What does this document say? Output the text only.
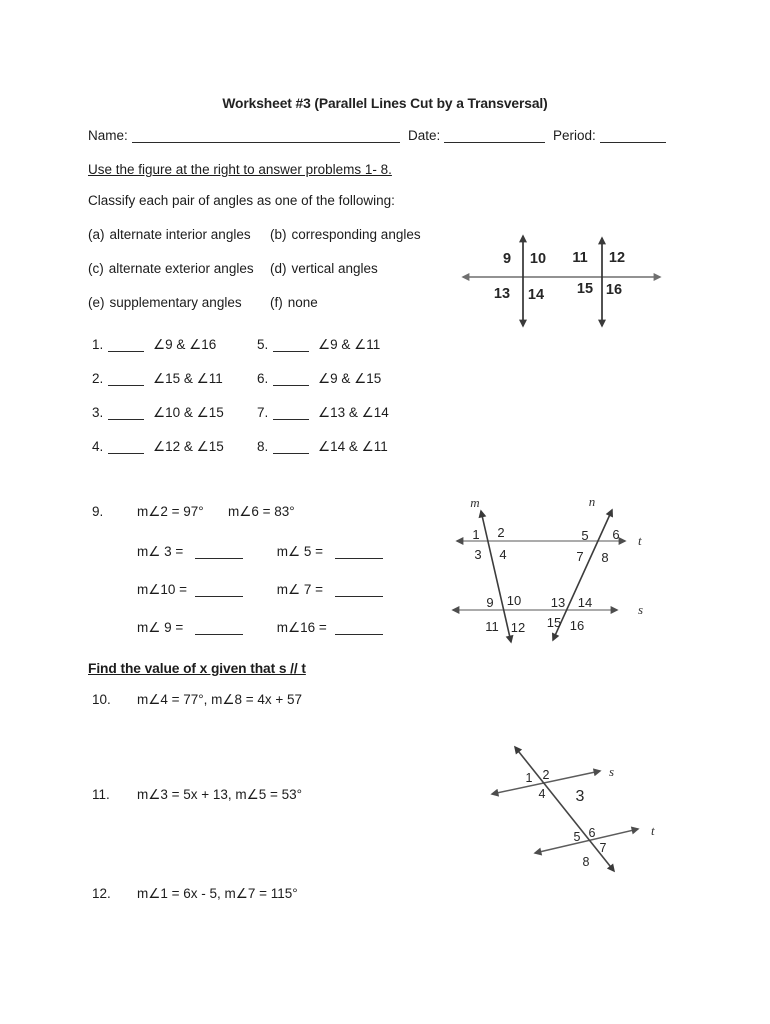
Worksheet #3 (Parallel Lines Cut by a Transversal)
Name:	Date:	Period:
Use the figure at the right to answer problems 1- 8.
Classify each pair of angles as one of the following:
(a) alternate interior angles	(b) corresponding angles
(c) alternate exterior angles	(d) vertical angles
(e) supplementary angles	(f) none
1.	∠9 & ∠16	5.	∠9 & ∠11
2.	∠15 & ∠11	6.	∠9 & ∠15
3.	∠10 & ∠15	7.	∠13 & ∠14
4.	∠12 & ∠15	8.	∠14 & ∠11
9 10 11 12
13 14 15 16
9. m∠2 = 97° m∠6 = 83°
m∠ 3 =	m∠ 5 =
m∠10 =	m∠ 7 =
m∠ 9 =	m∠16 =
m	n
t
s
1 2
3 4
5 6
7 8
9 10
11 12
13 14
15 16
Find the value of x given that s // t
10. m∠4 = 77°, m∠8 = 4x + 57
11. m∠3 = 5x + 13, m∠5 = 53°
12. m∠1 = 6x - 5, m∠7 = 115°
s
t
1 2
3
4
5 6
7
8
